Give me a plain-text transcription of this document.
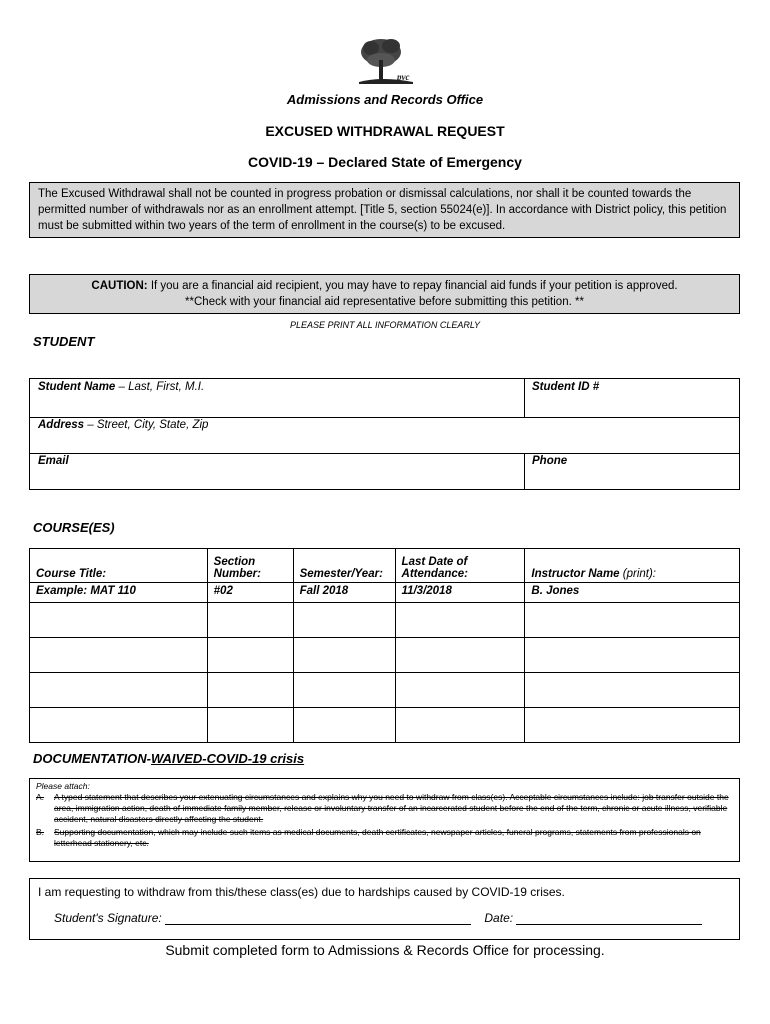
pvc
Admissions and Records Office
EXCUSED WITHDRAWAL REQUEST
COVID-19 – Declared State of Emergency
The Excused Withdrawal shall not be counted in progress probation or dismissal calculations, nor shall it be counted towards the permitted number of withdrawals nor as an enrollment attempt. [Title 5, section 55024(e)]. In accordance with District policy, this petition must be submitted within two years of the term of enrollment in the course(s) to be excused.
CAUTION: If you are a financial aid recipient, you may have to repay financial aid funds if your petition is approved.
**Check with your financial aid representative before submitting this petition. **
PLEASE PRINT ALL INFORMATION CLEARLY
STUDENT
Student Name – Last, First, M.I.	Student ID #
Address – Street, City, State, Zip
Email	Phone
COURSE(ES)
Course Title:	Section Number:	Semester/Year:	Last Date of Attendance:	Instructor Name (print):
Example: MAT 110	#02	Fall 2018	11/3/2018	B. Jones

DOCUMENTATION-WAIVED-COVID-19 crisis
Please attach:
A.	A typed statement that describes your extenuating circumstances and explains why you need to withdraw from class(es). Acceptable circumstances include: job transfer outside the area, immigration action, death of immediate family member, release or involuntary transfer of an incarcerated student before the end of the term, chronic or acute illness, verifiable accident, natural disasters directly affecting the student.
B.	Supporting documentation, which may include such items as medical documents, death certificates, newspaper articles, funeral programs, statements from professionals on letterhead stationery, etc.
I am requesting to withdraw from this/these class(es) due to hardships caused by COVID-19 crises.
Student's Signature:	Date:
Submit completed form to Admissions & Records Office for processing.
